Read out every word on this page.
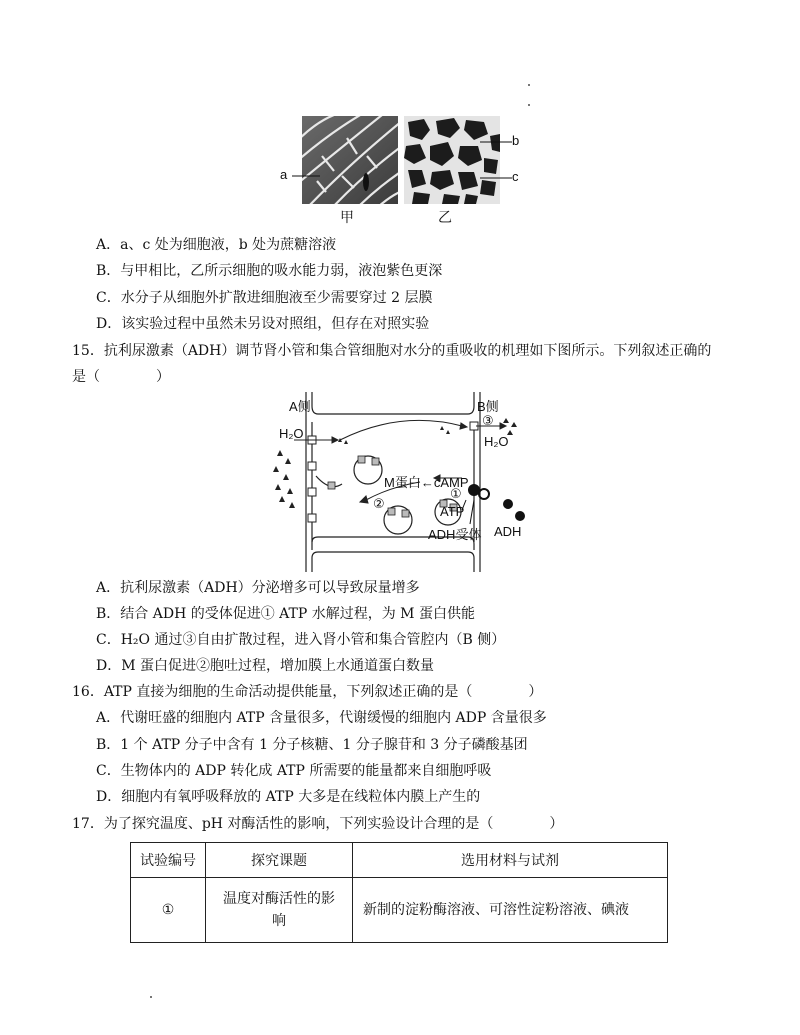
a
b
c
甲	乙
A．a、c 处为细胞液，b 处为蔗糖溶液
B．与甲相比，乙所示细胞的吸水能力弱，液泡紫色更深
C．水分子从细胞外扩散进细胞液至少需要穿过 2 层膜
D．该实验过程中虽然未另设对照组，但存在对照实验
15．抗利尿激素（ADH）调节肾小管和集合管细胞对水分的重吸收的机理如下图所示。下列叙述正确的
是（　　　　）
A侧	B侧
H₂O
③
H₂O
M蛋白←cAMP
①
②
ATP
ADH受体 ADH
A．抗利尿激素（ADH）分泌增多可以导致尿量增多
B．结合 ADH 的受体促进① ATP 水解过程，为 M 蛋白供能
C．H₂O 通过③自由扩散过程，进入肾小管和集合管腔内（B 侧）
D．M 蛋白促进②胞吐过程，增加膜上水通道蛋白数量
16．ATP 直接为细胞的生命活动提供能量，下列叙述正确的是（　　　　）
A．代谢旺盛的细胞内 ATP 含量很多，代谢缓慢的细胞内 ADP 含量很多
B．1 个 ATP 分子中含有 1 分子核糖、1 分子腺苷和 3 分子磷酸基团
C．生物体内的 ADP 转化成 ATP 所需要的能量都来自细胞呼吸
D．细胞内有氧呼吸释放的 ATP 大多是在线粒体内膜上产生的
17．为了探究温度、pH 对酶活性的影响，下列实验设计合理的是（　　　　）
试验编号	探究课题	选用材料与试剂
①	温度对酶活性的影
响	新制的淀粉酶溶液、可溶性淀粉溶液、碘液
